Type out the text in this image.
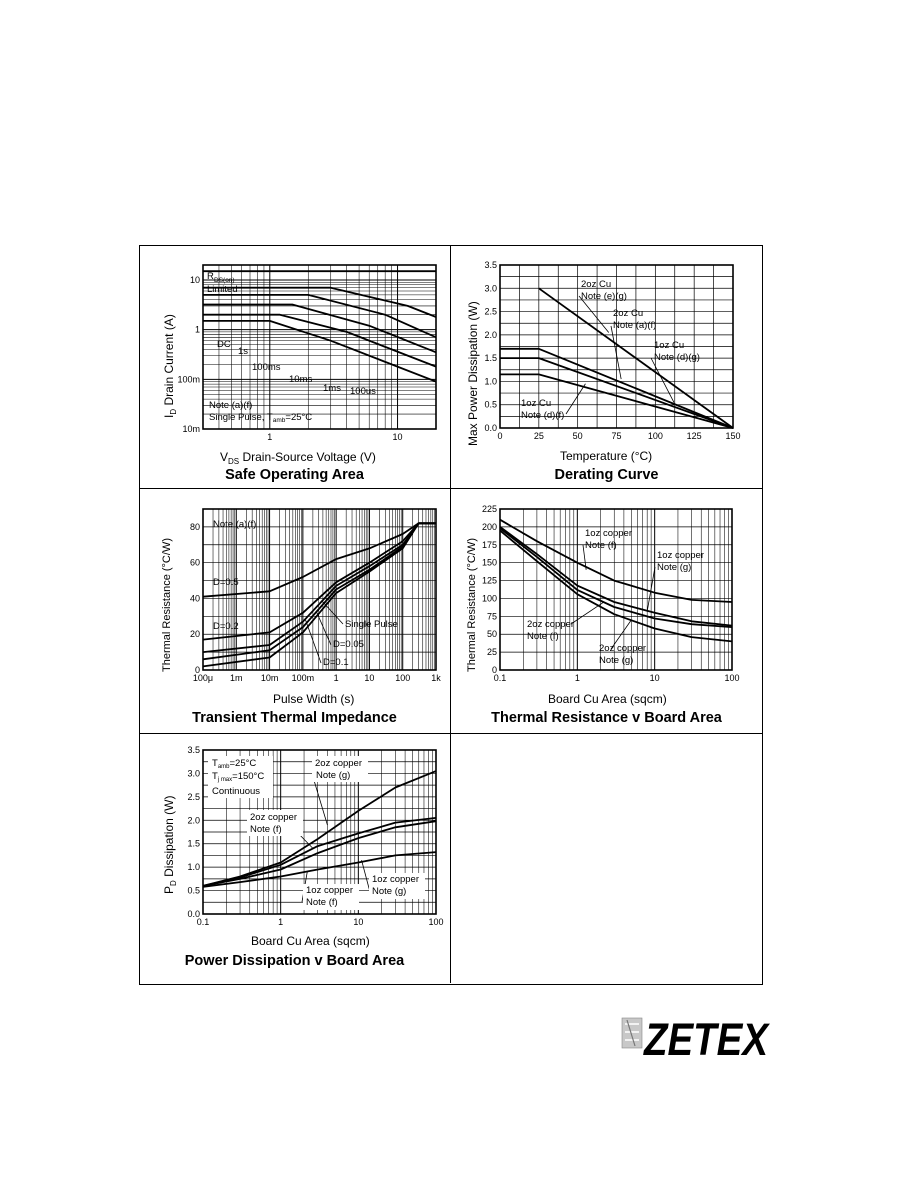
1	10
10m
100m
1
10 R DS(on)
Limited
DC
1s
100ms
10ms
1ms 100us
Note (a)(f)
Single Pulse, $T_{amb}=25^\circ C$
$V_{DS}$ Drain-Source Voltage (V)
$I_D$ Drain Current (A)
Safe Operating Area
0	25	50	75	100	125	150
0.0
0.5
1.0
1.5
2.0
2.5
3.0
3.5
2oz Cu
Note (e)(g)
2oz Cu
Note (a)(f)
1oz Cu
Note (d)(g)
1oz Cu
Note (d)(f)
Temperature (°C)
Max Power Dissipation (W)
Derating Curve
100μ 1m 10m 100m 1	10 100 1k
0
20
40
60
80 Note (a)(f)
D=0.5
D=0.2	Single Pulse
D=0.05
D=0.1
Pulse Width (s)
Thermal Resistance (°C/W)
Transient Thermal Impedance
0.1	1	10	100
0
25
50
75
100
125
150
175
200
225
1oz copper
Note (f)
1oz copper
Note (g)
2oz copper
Note (f)
2oz copper
Note (g)
Board Cu Area (sqcm)
Thermal Resistance (°C/W)
Thermal Resistance v Board Area
0.1	1	10	100
0.0
0.5
1.0
1.5
2.0
2.5
3.0
3.5
$T_{amb}=25^\circ C$
$T_{j max}=150^\circ C$
Continuous
2oz copper
Note (g)
2oz copper
Note (f)
1oz copper
Note (g)
1oz copper
Note (f)
Board Cu Area (sqcm)
$P_D$ Dissipation (W)
Power Dissipation v Board Area
ZETEX
